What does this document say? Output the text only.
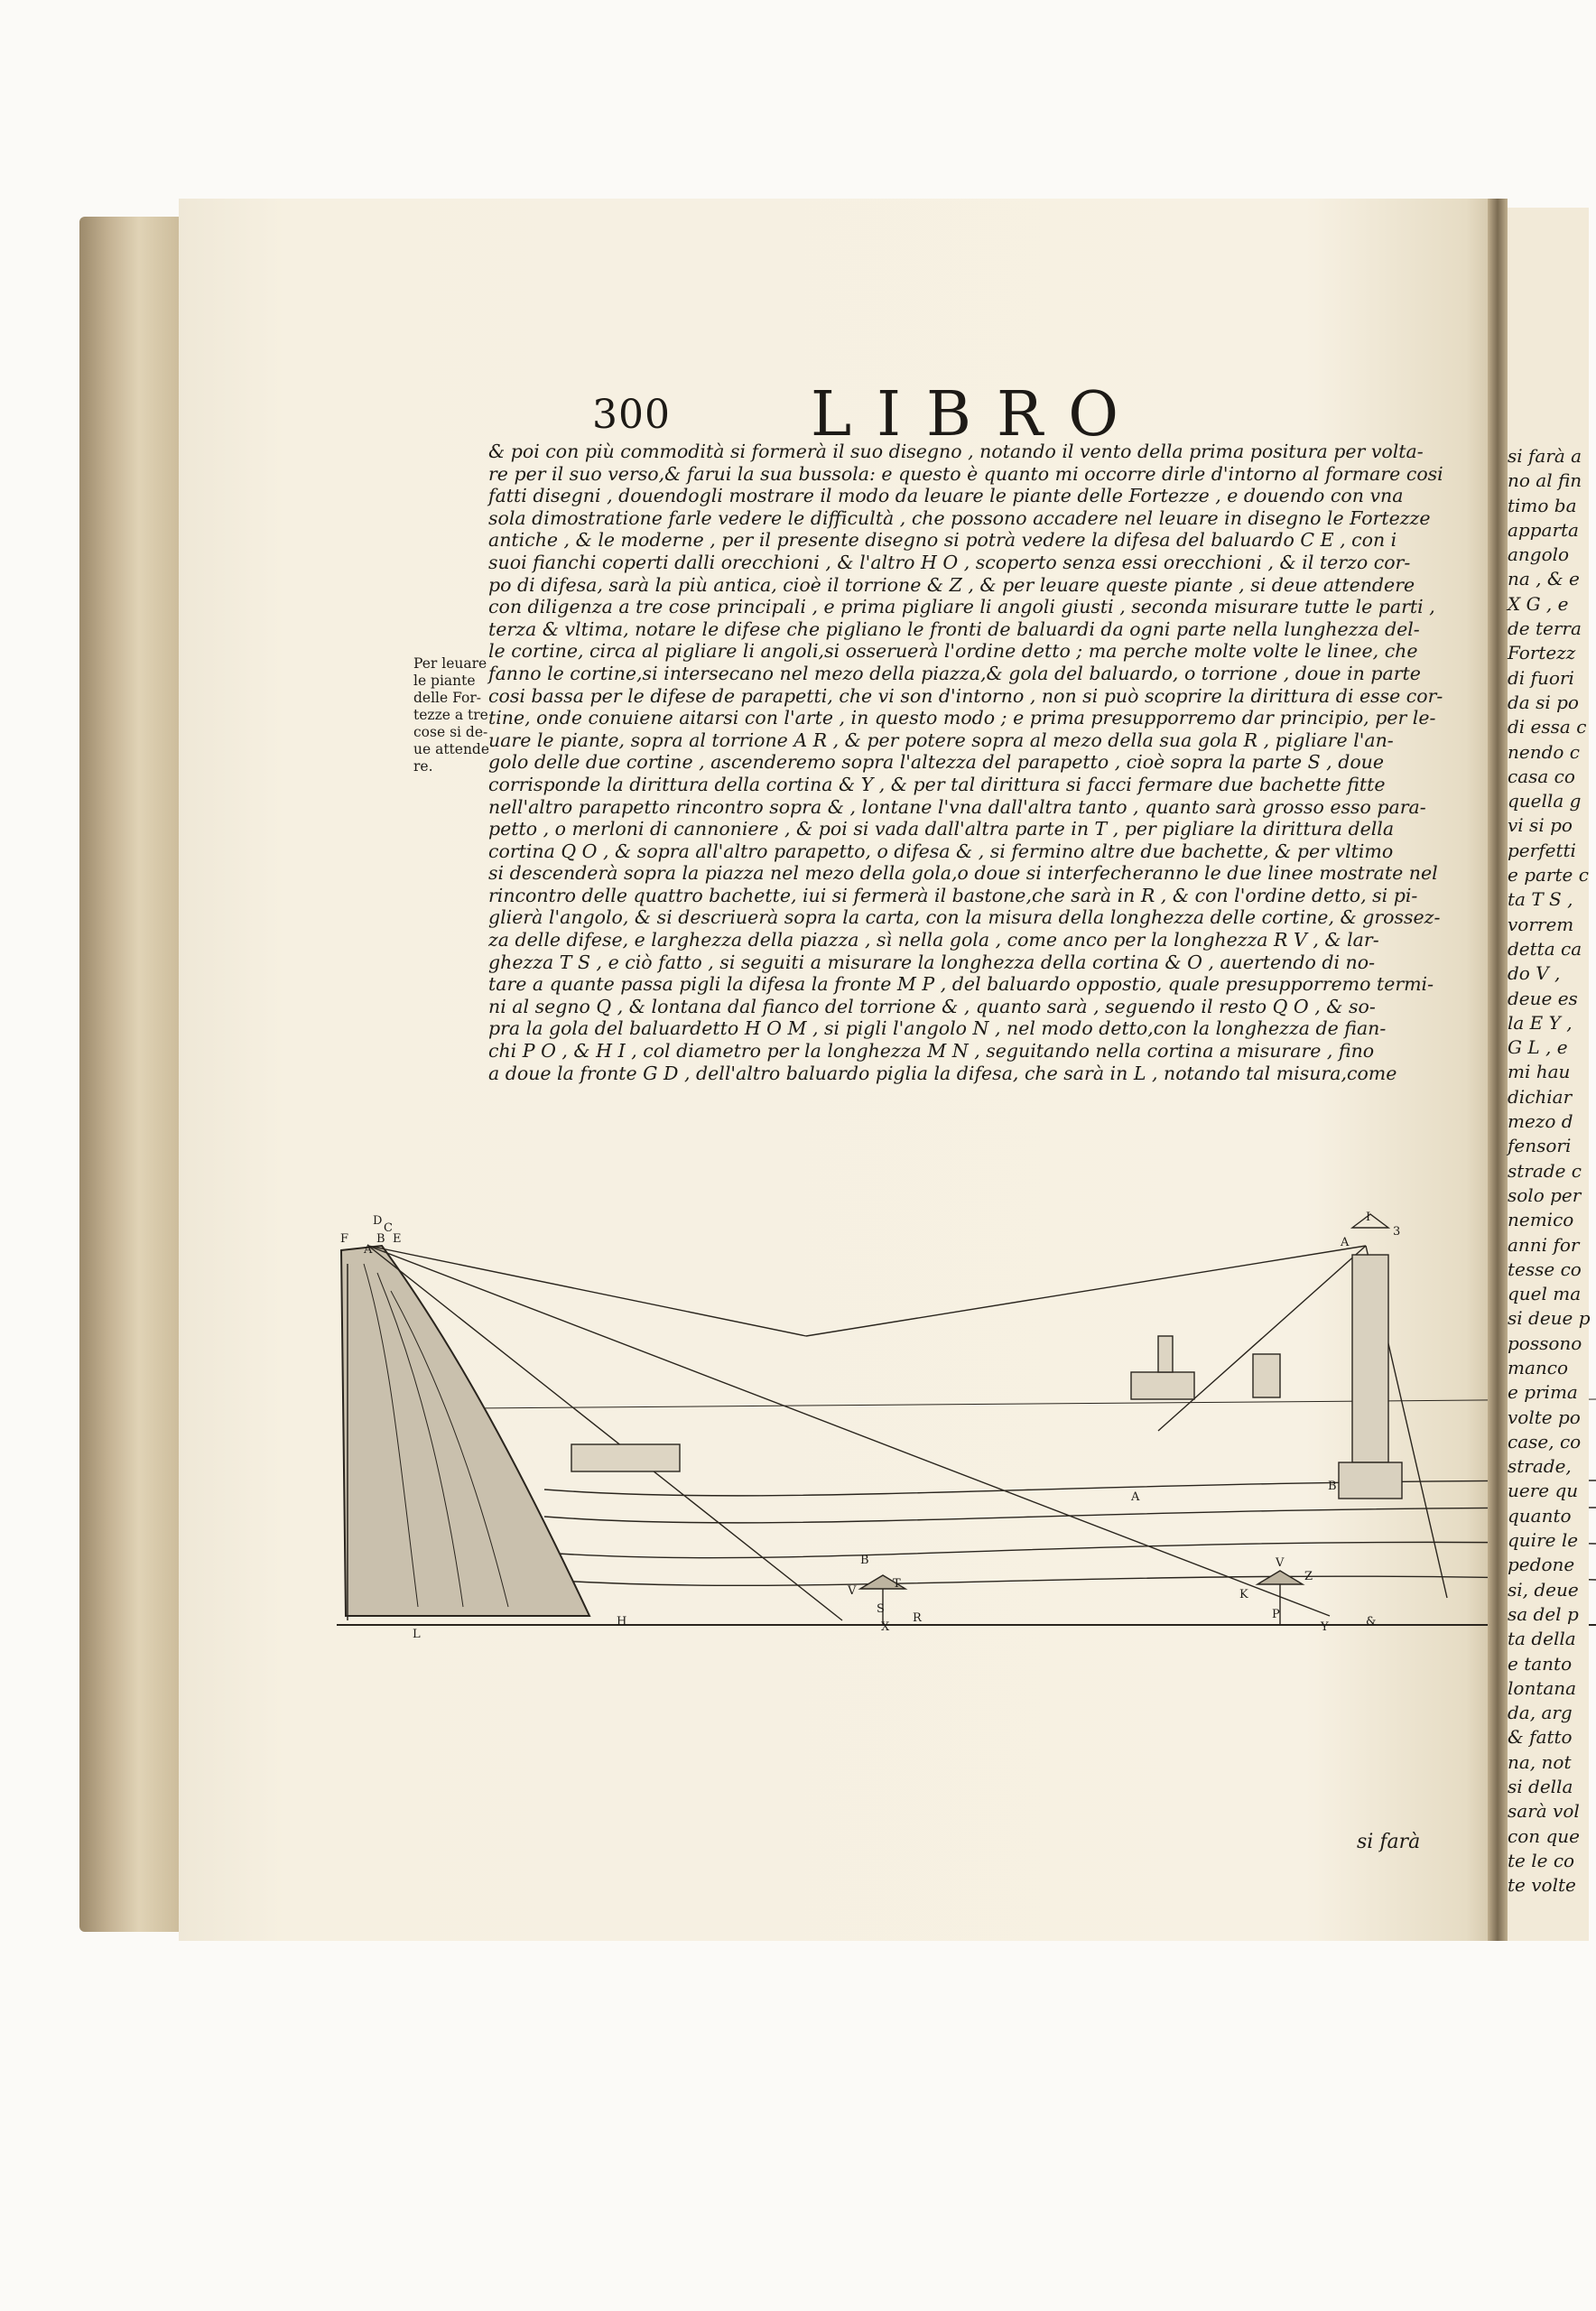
300 LIBRO
Per leuare
le piante
delle For-
tezze a tre
cose si de-
ue attende
re.
& poi con più commodità si formerà il suo disegno , notando il vento della prima positura per volta-
re per il suo verso,& farui la sua bussola: e questo è quanto mi occorre dirle d'intorno al formare cosi
fatti disegni , douendogli mostrare il modo da leuare le piante delle Fortezze , e douendo con vna
sola dimostratione farle vedere le difficultà , che possono accadere nel leuare in disegno le Fortezze
antiche , & le moderne , per il presente disegno si potrà vedere la difesa del baluardo C E , con i
suoi fianchi coperti dalli orecchioni , & l'altro H O , scoperto senza essi orecchioni , & il terzo cor-
po di difesa, sarà la più antica, cioè il torrione & Z , & per leuare queste piante , si deue attendere
con diligenza a tre cose principali , e prima pigliare li angoli giusti , seconda misurare tutte le parti ,
terza & vltima, notare le difese che pigliano le fronti de baluardi da ogni parte nella lunghezza del-
le cortine, circa al pigliare li angoli,si osseruerà l'ordine detto ; ma perche molte volte le linee, che
fanno le cortine,si intersecano nel mezo della piazza,& gola del baluardo, o torrione , doue in parte
cosi bassa per le difese de parapetti, che vi son d'intorno , non si può scoprire la dirittura di esse cor-
tine, onde conuiene aitarsi con l'arte , in questo modo ; e prima presupporremo dar principio, per le-
uare le piante, sopra al torrione A R , & per potere sopra al mezo della sua gola R , pigliare l'an-
golo delle due cortine , ascenderemo sopra l'altezza del parapetto , cioè sopra la parte S , doue
corrisponde la dirittura della cortina & Y , & per tal dirittura si facci fermare due bachette fitte
nell'altro parapetto rincontro sopra & , lontane l'vna dall'altra tanto , quanto sarà grosso esso para-
petto , o merloni di cannoniere , & poi si vada dall'altra parte in T , per pigliare la dirittura della
cortina Q O , & sopra all'altro parapetto, o difesa & , si fermino altre due bachette, & per vltimo
si descenderà sopra la piazza nel mezo della gola,o doue si interfecheranno le due linee mostrate nel
rincontro delle quattro bachette, iui si fermerà il bastone,che sarà in R , & con l'ordine detto, si pi-
glierà l'angolo, & si descriuerà sopra la carta, con la misura della longhezza delle cortine, & grossez-
za delle difese, e larghezza della piazza , sì nella gola , come anco per la longhezza R V , & lar-
ghezza T S , e ciò fatto , si seguiti a misurare la longhezza della cortina & O , auertendo di no-
tare a quante passa pigli la difesa la fronte M P , del baluardo oppostio, quale presupporremo termi-
ni al segno Q , & lontana dal fianco del torrione & , quanto sarà , seguendo il resto Q O , & so-
pra la gola del baluardetto H O M , si pigli l'angolo N , nel modo detto,con la longhezza de fian-
chi P O , & H I , col diametro per la longhezza M N , seguitando nella cortina a misurare , fino
a doue la fronte G D , dell'altro baluardo piglia la difesa, che sarà in L , notando tal misura,come
D
C
F	E
B
A
L
H
B
V
T
S
X
R
I
A
3
K
V
Z
P
Y	&
B
A
si farà
si farà a
no al fin
timo ba
apparta
angolo
na , & e
X G , e
de terra
Fortezz
di fuori
da si po
di essa c
nendo c
casa co
quella g
vi si po
perfetti
e parte c
ta T S ,
vorrem
detta ca
do V ,
deue es
la E Y ,
G L , e
mi hau
dichiar
mezo d
fensori
strade c
solo per
nemico
anni for
tesse co
quel ma
si deue p
possono
manco
e prima
volte po
case, co
strade,
uere qu
quanto
quire le
pedone
si, deue
sa del p
ta della
e tanto
lontana
da, arg
& fatto
na, not
si della
sarà vol
con que
te le co
te volte
